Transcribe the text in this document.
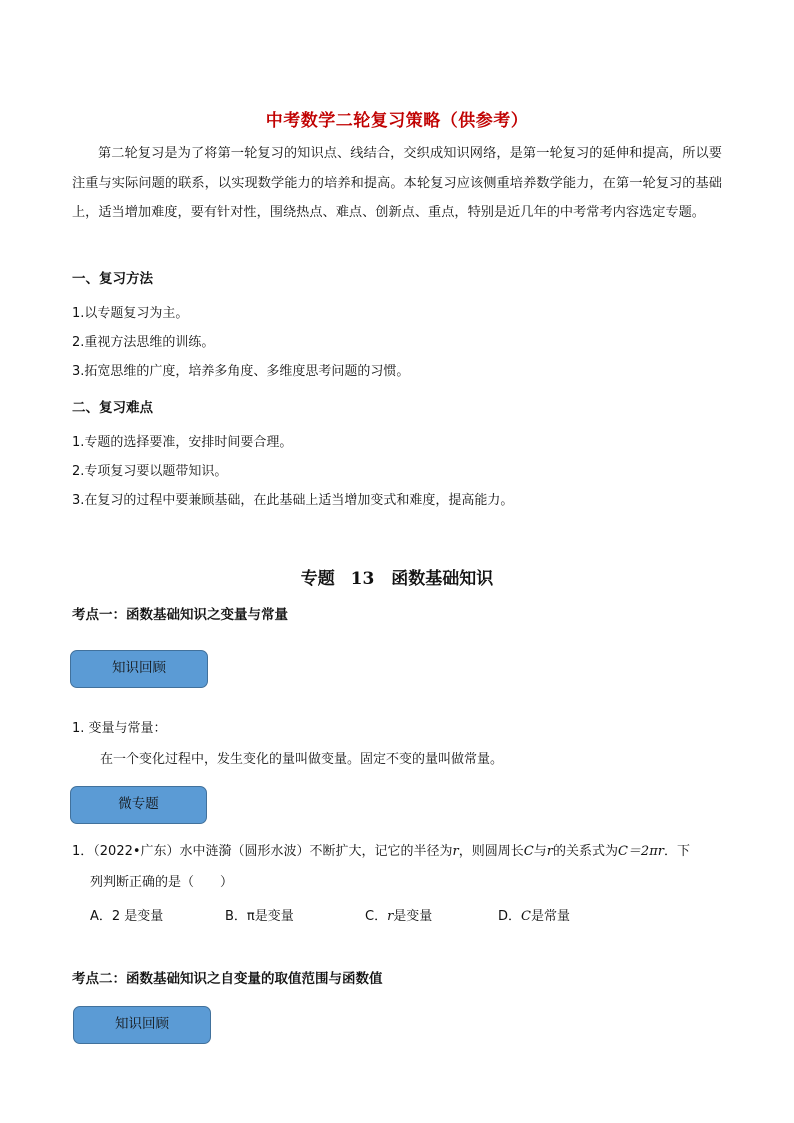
中考数学二轮复习策略（供参考）
第二轮复习是为了将第一轮复习的知识点、线结合，交织成知识网络，是第一轮复习的延伸和提高，所以要注重与实际问题的联系，以实现数学能力的培养和提高。本轮复习应该侧重培养数学能力，在第一轮复习的基础上，适当增加难度，要有针对性，围绕热点、难点、创新点、重点，特别是近几年的中考常考内容选定专题。
一、复习方法
1.以专题复习为主。
2.重视方法思维的训练。
3.拓宽思维的广度，培养多角度、多维度思考问题的习惯。
二、复习难点
1.专题的选择要准，安排时间要合理。
2.专项复习要以题带知识。
3.在复习的过程中要兼顾基础，在此基础上适当增加变式和难度，提高能力。
专题 13　函数基础知识
考点一：函数基础知识之变量与常量
知识回顾
1. 变量与常量：
在一个变化过程中，发生变化的量叫做变量。固定不变的量叫做常量。
微专题
1．（2022•广东）水中涟漪（圆形水波）不断扩大，记它的半径为r，则圆周长C与r的关系式为C＝2πr．下
列判断正确的是（　　）
A．2 是变量	B．π是变量	C．r是变量	D．C是常量
考点二：函数基础知识之自变量的取值范围与函数值
知识回顾
